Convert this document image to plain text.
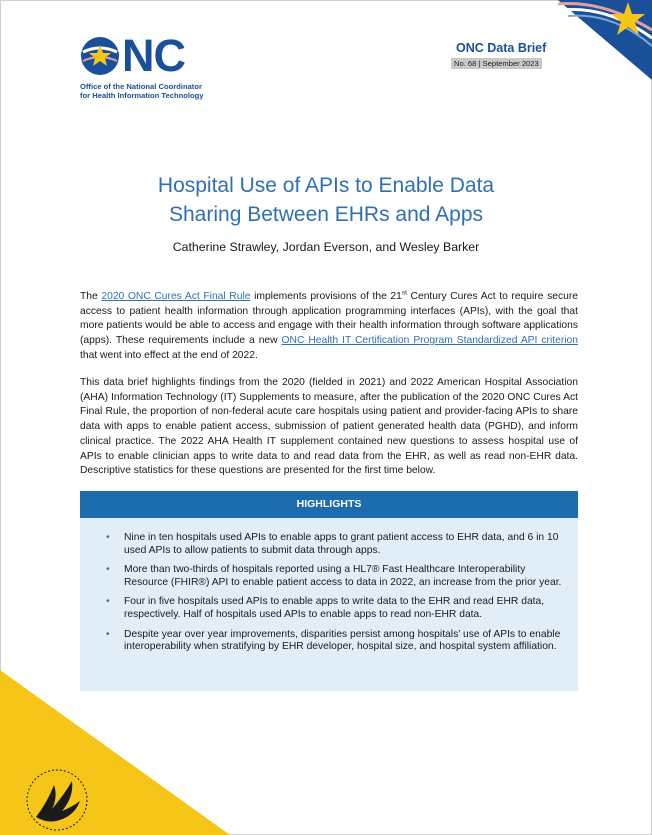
NC
Office of the National Coordinator
for Health Information Technology
ONC Data Brief
No. 68 | September 2023
Hospital Use of APIs to Enable Data
Sharing Between EHRs and Apps
Catherine Strawley, Jordan Everson, and Wesley Barker

The 2020 ONC Cures Act Final Rule implements provisions of the 21st Century Cures Act to require secure access to patient health information through application programming interfaces (APIs), with the goal that more patients would be able to access and engage with their health information through software applications (apps). These requirements include a new ONC Health IT Certification Program Standardized API criterion that went into effect at the end of 2022.

This data brief highlights findings from the 2020 (fielded in 2021) and 2022 American Hospital Association (AHA) Information Technology (IT) Supplements to measure, after the publication of the 2020 ONC Cures Act Final Rule, the proportion of non-federal acute care hospitals using patient and provider-facing APIs to share data with apps to enable patient access, submission of patient generated health data (PGHD), and inform clinical practice. The 2022 AHA Health IT supplement contained new questions to assess hospital use of APIs to enable clinician apps to write data to and read data from the EHR, as well as read non-EHR data. Descriptive statistics for these questions are presented for the first time below.

HIGHLIGHTS
• Nine in ten hospitals used APIs to enable apps to grant patient access to EHR data, and 6 in 10 used APIs to allow patients to submit data through apps.
• More than two-thirds of hospitals reported using a HL7® Fast Healthcare Interoperability Resource (FHIR®) API to enable patient access to data in 2022, an increase from the prior year.
• Four in five hospitals used APIs to enable apps to write data to the EHR and read EHR data, respectively. Half of hospitals used APIs to enable apps to read non-EHR data.
• Despite year over year improvements, disparities persist among hospitals’ use of APIs to enable interoperability when stratifying by EHR developer, hospital size, and hospital system affiliation.
